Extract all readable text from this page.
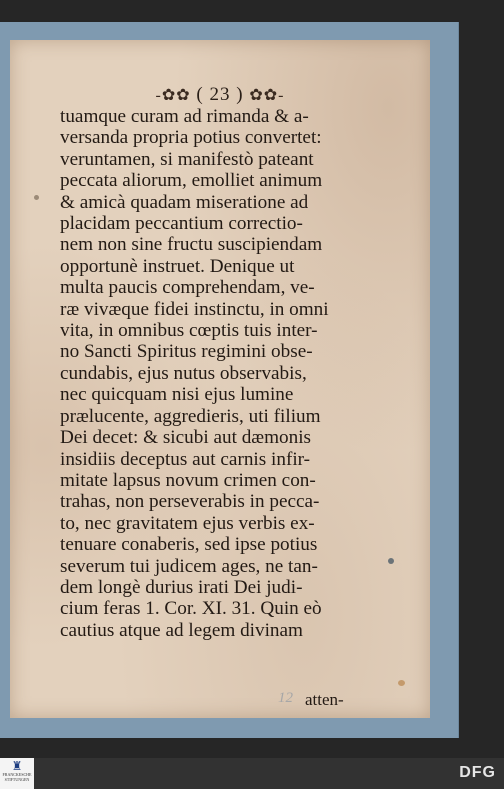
-✿✿ ( 23 ) ✿✿-
tuamque curam ad rimanda & a-
versanda propria potius convertet:
veruntamen, si manifestò pateant
peccata aliorum, emolliet animum
& amicà quadam miseratione ad
placidam peccantium correctio-
nem non sine fructu suscipiendam
opportunè instruet. Denique ut
multa paucis comprehendam, ve-
ræ vivæque fidei instinctu, in omni
vita, in omnibus cœptis tuis inter-
no Sancti Spiritus regimini obse-
cundabis, ejus nutus observabis,
nec quicquam nisi ejus lumine
prælucente, aggredieris, uti filium
Dei decet: & sicubi aut dæmonis
insidiis deceptus aut carnis infir-
mitate lapsus novum crimen con-
trahas, non perseverabis in pecca-
to, nec gravitatem ejus verbis ex-
tenuare conaberis, sed ipse potius
severum tui judicem ages, ne tan-
dem longè durius irati Dei judi-
cium feras 1. Cor. XI. 31. Quin eò
cautius atque ad legem divinam
12 atten-
♜
FRANCKESCHE STIFTUNGEN	DFG
